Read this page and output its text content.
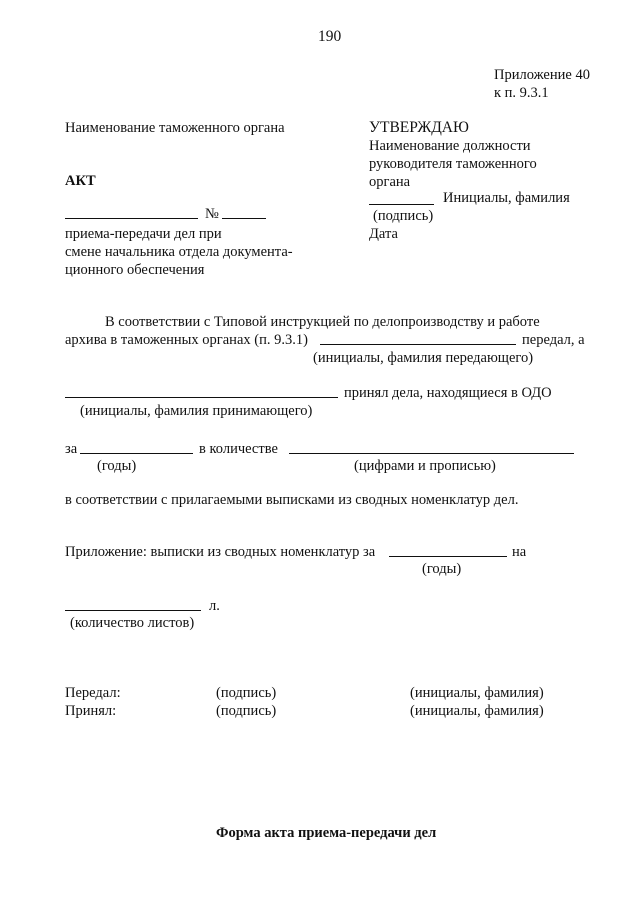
190
Приложение 40
к п. 9.3.1
Наименование таможенного органа
АКТ
№
приема-передачи дел при
смене начальника отдела документа-
ционного обеспечения
УТВЕРЖДАЮ
Наименование должности
руководителя таможенного
органа
Инициалы, фамилия
(подпись)
Дата
В соответствии с Типовой инструкцией по делопроизводству и работе
архива в таможенных органах (п. 9.3.1)	передал, а
(инициалы, фамилия передающего)
принял дела, находящиеся в ОДО
(инициалы, фамилия принимающего)
за	в количестве
(годы)	(цифрами и прописью)
в соответствии с прилагаемыми выписками из сводных номенклатур дел.
Приложение: выписки из сводных номенклатур за	на
(годы)
л.
(количество листов)
Передал:	(подпись)	(инициалы, фамилия)
Принял:	(подпись)	(инициалы, фамилия)
Форма акта приема-передачи дел
